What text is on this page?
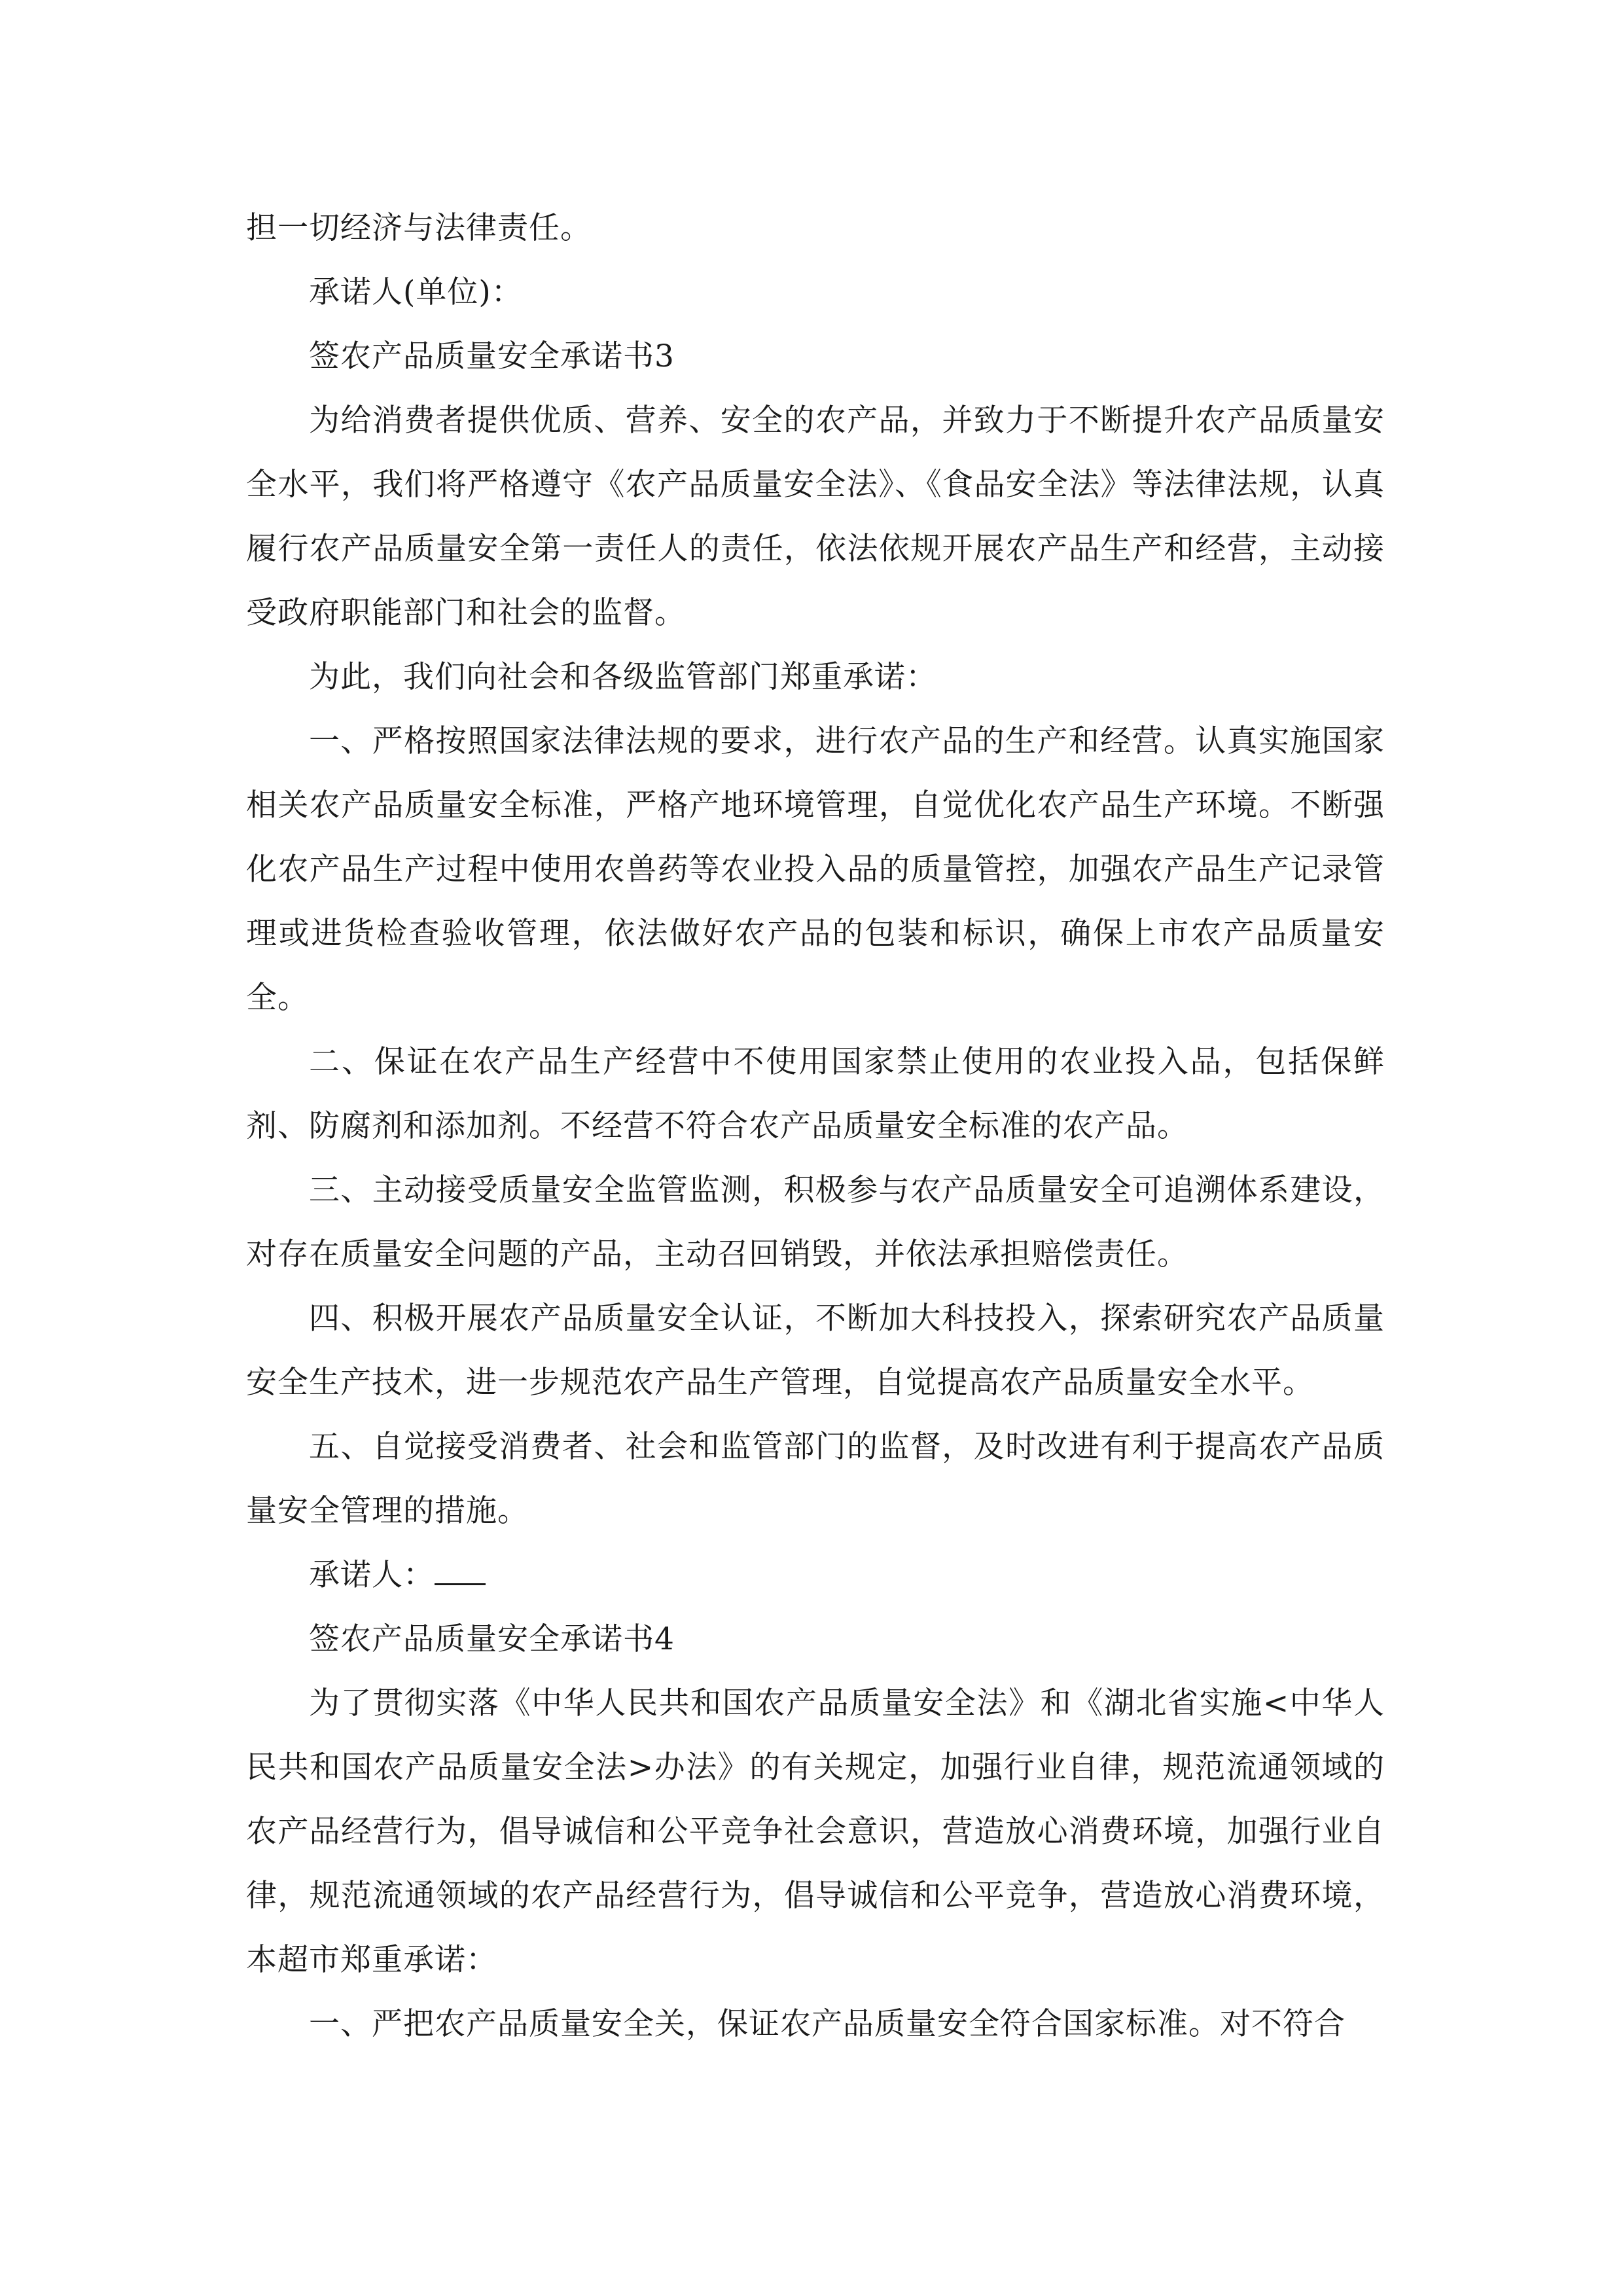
担一切经济与法律责任。

承诺人(单位)：

签农产品质量安全承诺书3

为给消费者提供优质、营养、安全的农产品，并致力于不断提升农产品质量安全水平，我们将严格遵守《农产品质量安全法》、《食品安全法》等法律法规，认真履行农产品质量安全第一责任人的责任，依法依规开展农产品生产和经营，主动接受政府职能部门和社会的监督。

为此，我们向社会和各级监管部门郑重承诺：

一、严格按照国家法律法规的要求，进行农产品的生产和经营。认真实施国家相关农产品质量安全标准，严格产地环境管理，自觉优化农产品生产环境。不断强化农产品生产过程中使用农兽药等农业投入品的质量管控，加强农产品生产记录管理或进货检查验收管理，依法做好农产品的包装和标识，确保上市农产品质量安全。

二、保证在农产品生产经营中不使用国家禁止使用的农业投入品，包括保鲜剂、防腐剂和添加剂。不经营不符合农产品质量安全标准的农产品。

三、主动接受质量安全监管监测，积极参与农产品质量安全可追溯体系建设，对存在质量安全问题的产品，主动召回销毁，并依法承担赔偿责任。

四、积极开展农产品质量安全认证，不断加大科技投入，探索研究农产品质量安全生产技术，进一步规范农产品生产管理，自觉提高农产品质量安全水平。

五、自觉接受消费者、社会和监管部门的监督，及时改进有利于提高农产品质量安全管理的措施。

承诺人：

签农产品质量安全承诺书4

为了贯彻实落《中华人民共和国农产品质量安全法》和《湖北省实施<中华人民共和国农产品质量安全法>办法》的有关规定，加强行业自律，规范流通领域的农产品经营行为，倡导诚信和公平竞争社会意识，营造放心消费环境，加强行业自律，规范流通领域的农产品经营行为，倡导诚信和公平竞争，营造放心消费环境，本超市郑重承诺：

一、严把农产品质量安全关，保证农产品质量安全符合国家标准。对不符合
